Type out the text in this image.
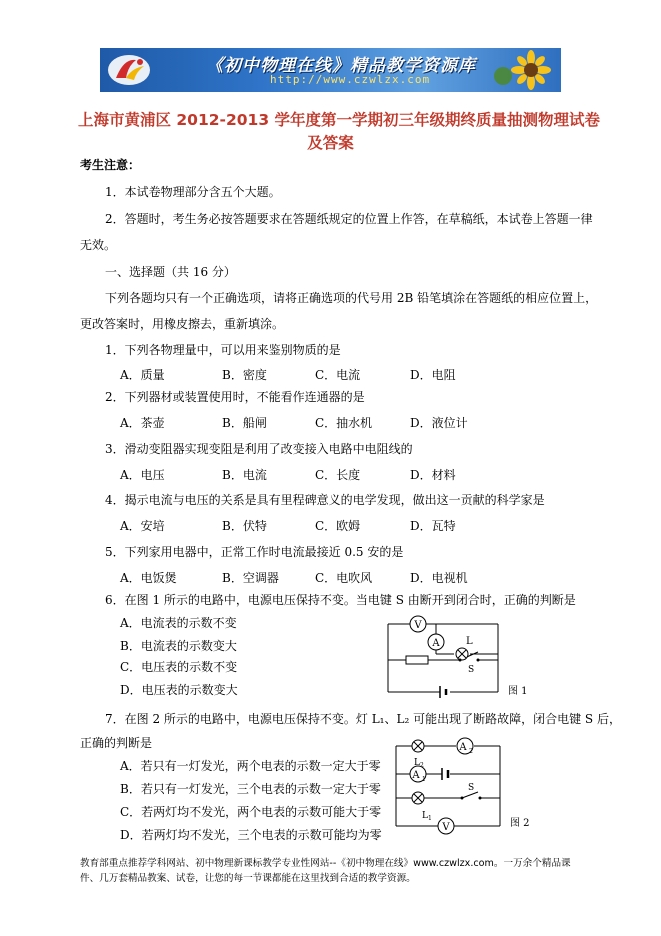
《初中物理在线》精品教学资源库
http://www.czwlzx.com
上海市黄浦区 2012-2013 学年度第一学期初三年级期终质量抽测物理试卷
及答案
考生注意：
1．本试卷物理部分含五个大题。
2．答题时，考生务必按答题要求在答题纸规定的位置上作答，在草稿纸，本试卷上答题一律
无效。
一、选择题（共 16 分）
下列各题均只有一个正确选项，请将正确选项的代号用 2B 铅笔填涂在答题纸的相应位置上，
更改答案时，用橡皮擦去，重新填涂。
1．下列各物理量中，可以用来鉴别物质的是
A．质量	B．密度	C．电流	D．电阻
2．下列器材或装置使用时，不能看作连通器的是
A．茶壶	B．船闸	C．抽水机	D．液位计
3．滑动变阻器实现变阻是利用了改变接入电路中电阻线的
A．电压	B．电流	C．长度	D．材料
4．揭示电流与电压的关系是具有里程碑意义的电学发现，做出这一贡献的科学家是
A．安培	B．伏特	C．欧姆	D．瓦特
5．下列家用电器中，正常工作时电流最接近 0.5 安的是
A．电饭煲	B．空调器	C．电吹风	D．电视机
6．在图 1 所示的电路中，电源电压保持不变。当电键 S 由断开到闭合时，正确的判断是
A．电流表的示数不变
B．电流表的示数变大
C．电压表的示数不变
D．电压表的示数变大
V
A	L
S
图 1
7．在图 2 所示的电路中，电源电压保持不变。灯 L₁、L₂ 可能出现了断路故障，闭合电键 S 后，
正确的判断是
A．若只有一灯发光，两个电表的示数一定大于零
B．若只有一灯发光，三个电表的示数一定大于零
C．若两灯均不发光，两个电表的示数可能大于零
D．若两灯均不发光，三个电表的示数可能均为零
A 2
A 1
L 2
L 1
S
V	图 2
教育部重点推荐学科网站、初中物理新课标教学专业性网站--《初中物理在线》www.czwlzx.com。一万余个精品课件、几万套精品教案、试卷，让您的每一节课都能在这里找到合适的教学资源。
